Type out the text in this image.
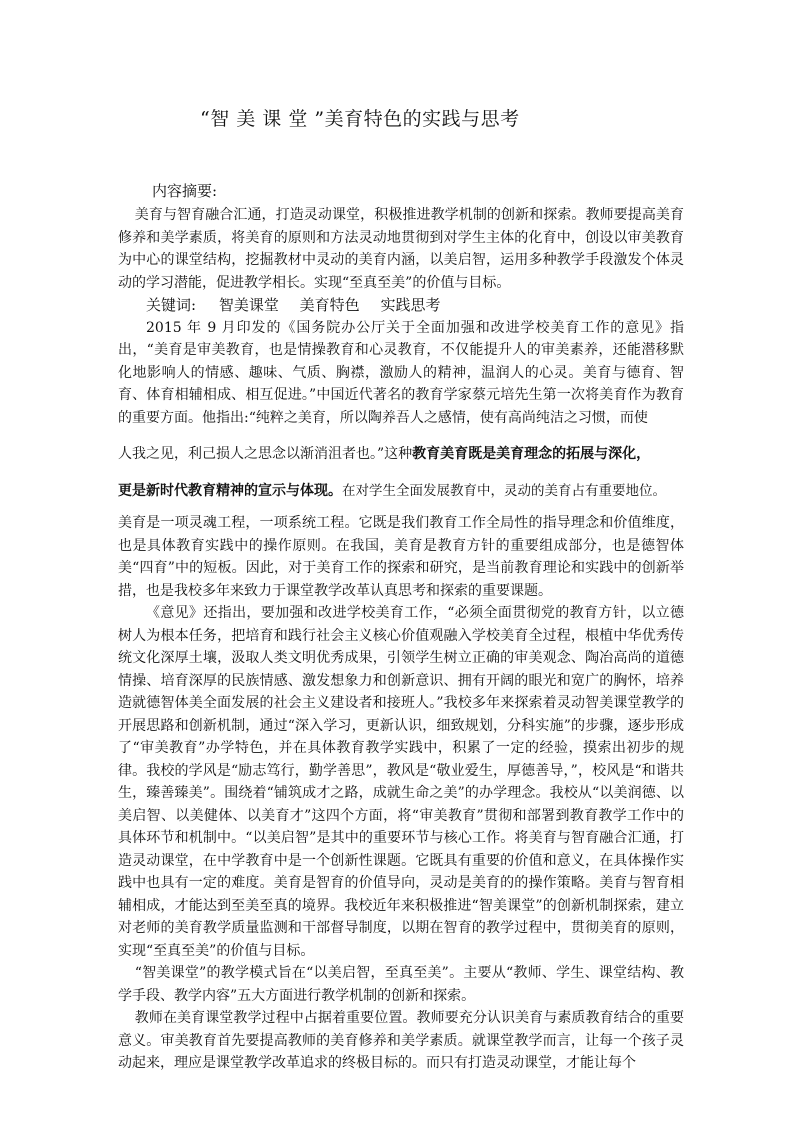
“智 美 课 堂 ”美育特色的实践与思考
内容摘要:

美育与智育融合汇通，打造灵动课堂，积极推进教学机制的创新和探索。教师要提高美育修养和美学素质，将美育的原则和方法灵动地贯彻到对学生主体的化育中，创设以审美教育为中心的课堂结构，挖掘教材中灵动的美育内涵，以美启智，运用多种教学手段激发个体灵动的学习潜能，促进教学相长。实现“至真至美”的价值与目标。

关键词: 智美课堂 美育特色 实践思考

2015 年 9 月印发的《国务院办公厅关于全面加强和改进学校美育工作的意见》指出，“美育是审美教育，也是情操教育和心灵教育，不仅能提升人的审美素养，还能潜移默化地影响人的情感、趣味、气质、胸襟，激励人的精神，温润人的心灵。美育与德育、智育、体育相辅相成、相互促进。”中国近代著名的教育学家蔡元培先生第一次将美育作为教育的重要方面。他指出:“纯粹之美育，所以陶养吾人之感情，使有高尚纯洁之习惯，而使

人我之见，利己损人之思念以渐消沮者也。”这种教育美育既是美育理念的拓展与深化，

更是新时代教育精神的宣示与体现。在对学生全面发展教育中，灵动的美育占有重要地位。

美育是一项灵魂工程，一项系统工程。它既是我们教育工作全局性的指导理念和价值维度，也是具体教育实践中的操作原则。在我国，美育是教育方针的重要组成部分，也是德智体美“四育”中的短板。因此，对于美育工作的探索和研究，是当前教育理论和实践中的创新举措，也是我校多年来致力于课堂教学改革认真思考和探索的重要课题。

《意见》还指出，要加强和改进学校美育工作，“必须全面贯彻党的教育方针，以立德树人为根本任务，把培育和践行社会主义核心价值观融入学校美育全过程，根植中华优秀传统文化深厚土壤，汲取人类文明优秀成果，引领学生树立正确的审美观念、陶冶高尚的道德情操、培育深厚的民族情感、激发想象力和创新意识、拥有开阔的眼光和宽广的胸怀，培养造就德智体美全面发展的社会主义建设者和接班人。”我校多年来探索着灵动智美课堂教学的开展思路和创新机制，通过“深入学习，更新认识，细致规划，分科实施”的步骤，逐步形成了“审美教育”办学特色，并在具体教育教学实践中，积累了一定的经验，摸索出初步的规律。我校的学风是“励志笃行，勤学善思”，教风是“敬业爱生，厚德善导，”，校风是“和谐共生，臻善臻美”。围绕着“铺筑成才之路，成就生命之美”的办学理念。我校从“以美润德、以美启智、以美健体、以美育才”这四个方面，将“审美教育”贯彻和部署到教育教学工作中的具体环节和机制中。“以美启智”是其中的重要环节与核心工作。将美育与智育融合汇通，打造灵动课堂，在中学教育中是一个创新性课题。它既具有重要的价值和意义，在具体操作实践中也具有一定的难度。美育是智育的价值导向，灵动是美育的的操作策略。美育与智育相辅相成，才能达到至美至真的境界。我校近年来积极推进“智美课堂”的创新机制探索，建立对老师的美育教学质量监测和干部督导制度，以期在智育的教学过程中，贯彻美育的原则，实现“至真至美”的价值与目标。

“智美课堂”的教学模式旨在“以美启智，至真至美”。主要从“教师、学生、课堂结构、教学手段、教学内容”五大方面进行教学机制的创新和探索。

教师在美育课堂教学过程中占据着重要位置。教师要充分认识美育与素质教育结合的重要意义。审美教育首先要提高教师的美育修养和美学素质。就课堂教学而言，让每一个孩子灵动起来，理应是课堂教学改革追求的终极目标的。而只有打造灵动课堂，才能让每个
